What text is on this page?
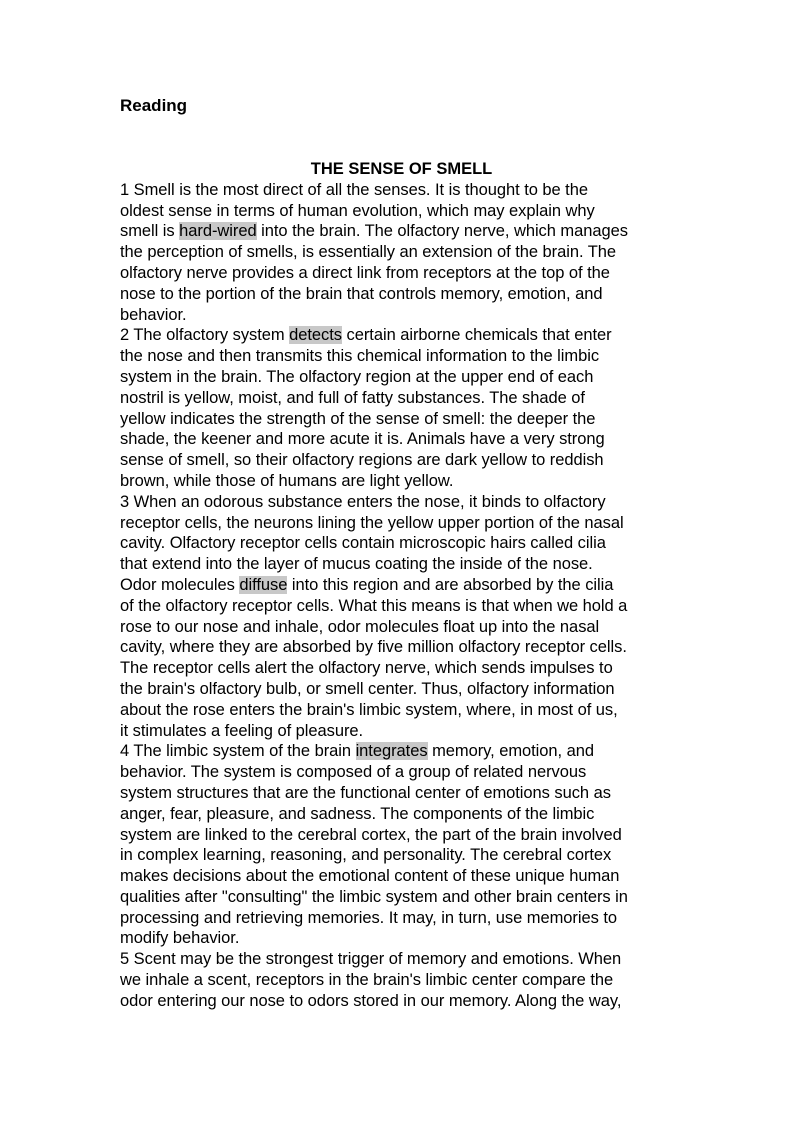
Reading
THE SENSE OF SMELL

1 Smell is the most direct of all the senses. It is thought to be the
oldest sense in terms of human evolution, which may explain why
smell is hard-wired into the brain. The olfactory nerve, which manages
the perception of smells, is essentially an extension of the brain. The
olfactory nerve provides a direct link from receptors at the top of the
nose to the portion of the brain that controls memory, emotion, and
behavior.

2 The olfactory system detects certain airborne chemicals that enter
the nose and then transmits this chemical information to the limbic
system in the brain. The olfactory region at the upper end of each
nostril is yellow, moist, and full of fatty substances. The shade of
yellow indicates the strength of the sense of smell: the deeper the
shade, the keener and more acute it is. Animals have a very strong
sense of smell, so their olfactory regions are dark yellow to reddish
brown, while those of humans are light yellow.

3 When an odorous substance enters the nose, it binds to olfactory
receptor cells, the neurons lining the yellow upper portion of the nasal
cavity. Olfactory receptor cells contain microscopic hairs called cilia
that extend into the layer of mucus coating the inside of the nose.
Odor molecules diffuse into this region and are absorbed by the cilia
of the olfactory receptor cells. What this means is that when we hold a
rose to our nose and inhale, odor molecules float up into the nasal
cavity, where they are absorbed by five million olfactory receptor cells.
The receptor cells alert the olfactory nerve, which sends impulses to
the brain's olfactory bulb, or smell center. Thus, olfactory information
about the rose enters the brain's limbic system, where, in most of us,
it stimulates a feeling of pleasure.

4 The limbic system of the brain integrates memory, emotion, and
behavior. The system is composed of a group of related nervous
system structures that are the functional center of emotions such as
anger, fear, pleasure, and sadness. The components of the limbic
system are linked to the cerebral cortex, the part of the brain involved
in complex learning, reasoning, and personality. The cerebral cortex
makes decisions about the emotional content of these unique human
qualities after "consulting" the limbic system and other brain centers in
processing and retrieving memories. It may, in turn, use memories to
modify behavior.

5 Scent may be the strongest trigger of memory and emotions. When
we inhale a scent, receptors in the brain's limbic center compare the
odor entering our nose to odors stored in our memory. Along the way,
